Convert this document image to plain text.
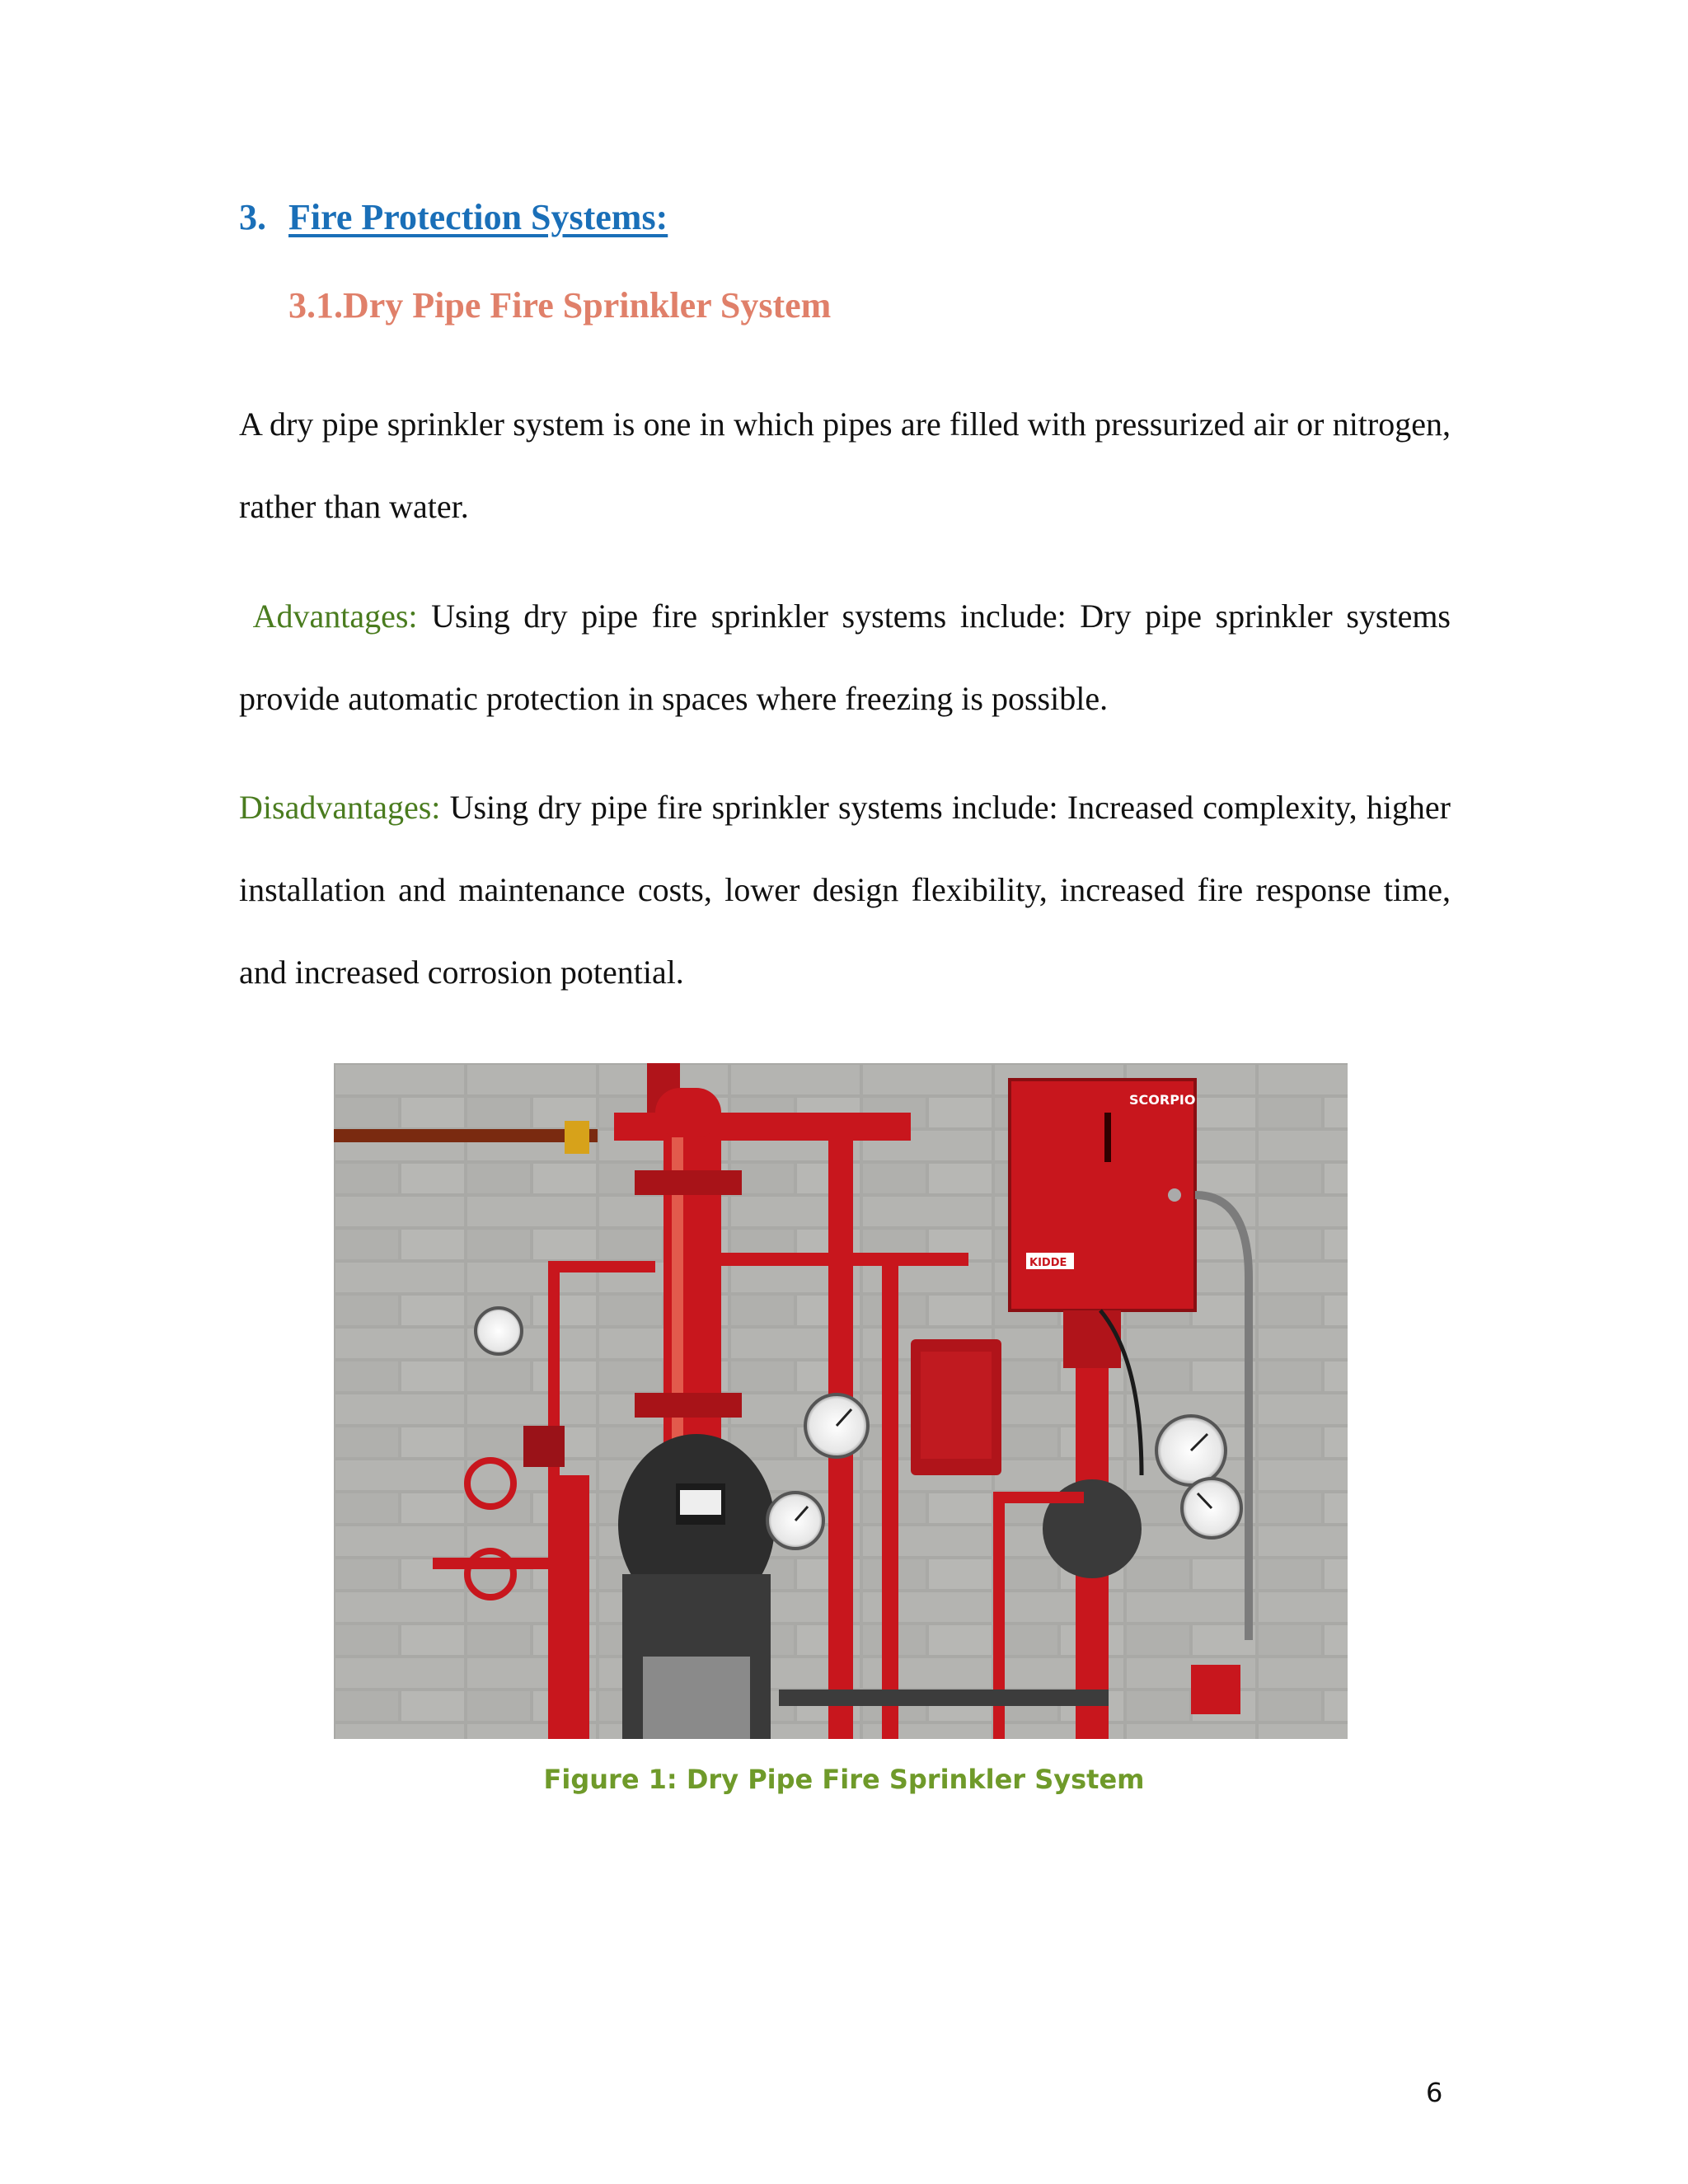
3. Fire Protection Systems:
3.1.Dry Pipe Fire Sprinkler System

A dry pipe sprinkler system is one in which pipes are filled with pressurized air or nitrogen, rather than water.

Advantages: Using dry pipe fire sprinkler systems include: Dry pipe sprinkler systems provide automatic protection in spaces where freezing is possible.

Disadvantages: Using dry pipe fire sprinkler systems include: Increased complexity, higher installation and maintenance costs, lower design flexibility, increased fire response time, and increased corrosion potential.

SCORPIO
KIDDE
Figure 1: Dry Pipe Fire Sprinkler System
6
